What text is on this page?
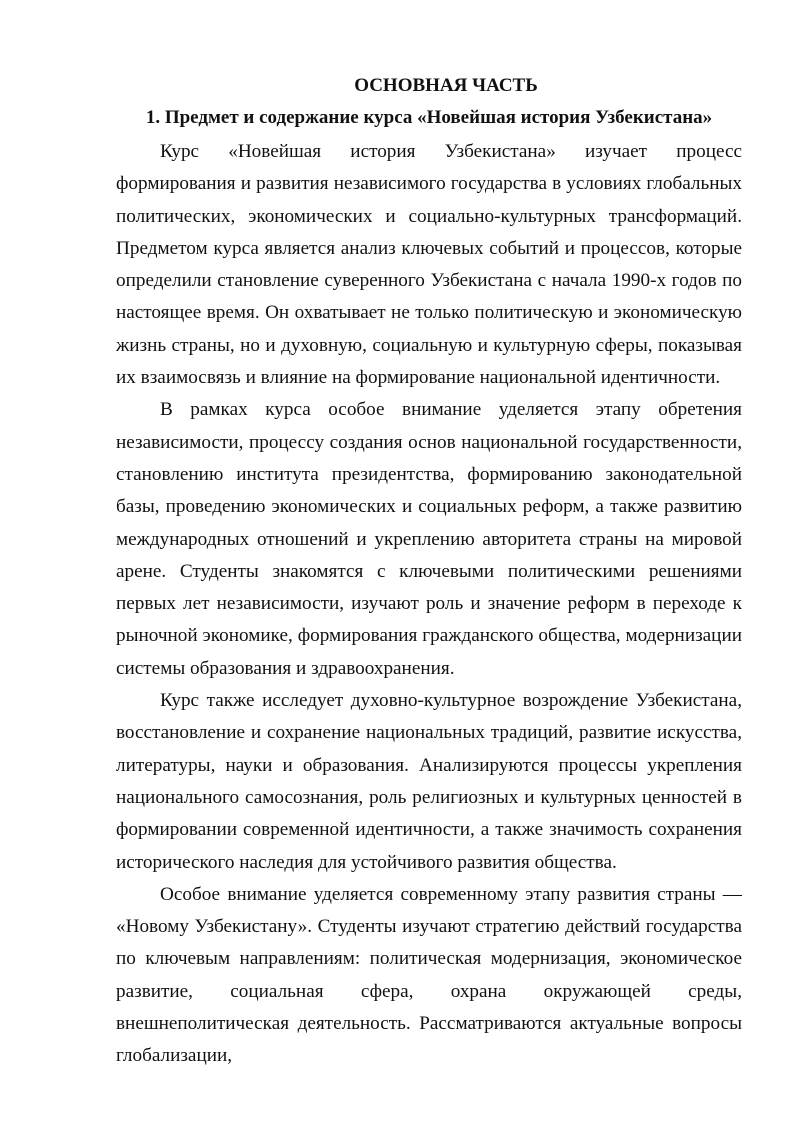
ОСНОВНАЯ ЧАСТЬ
1. Предмет и содержание курса «Новейшая история Узбекистана»

Курс «Новейшая история Узбекистана» изучает процесс формирования и развития независимого государства в условиях глобальных политических, экономических и социально-культурных трансформаций. Предметом курса является анализ ключевых событий и процессов, которые определили становление суверенного Узбекистана с начала 1990-х годов по настоящее время. Он охватывает не только политическую и экономическую жизнь страны, но и духовную, социальную и культурную сферы, показывая их взаимосвязь и влияние на формирование национальной идентичности.

В рамках курса особое внимание уделяется этапу обретения независимости, процессу создания основ национальной государственности, становлению института президентства, формированию законодательной базы, проведению экономических и социальных реформ, а также развитию международных отношений и укреплению авторитета страны на мировой арене. Студенты знакомятся с ключевыми политическими решениями первых лет независимости, изучают роль и значение реформ в переходе к рыночной экономике, формирования гражданского общества, модернизации системы образования и здравоохранения.

Курс также исследует духовно-культурное возрождение Узбекистана, восстановление и сохранение национальных традиций, развитие искусства, литературы, науки и образования. Анализируются процессы укрепления национального самосознания, роль религиозных и культурных ценностей в формировании современной идентичности, а также значимость сохранения исторического наследия для устойчивого развития общества.

Особое внимание уделяется современному этапу развития страны — «Новому Узбекистану». Студенты изучают стратегию действий государства по ключевым направлениям: политическая модернизация, экономическое развитие, социальная сфера, охрана окружающей среды, внешнеполитическая деятельность. Рассматриваются актуальные вопросы глобализации,
